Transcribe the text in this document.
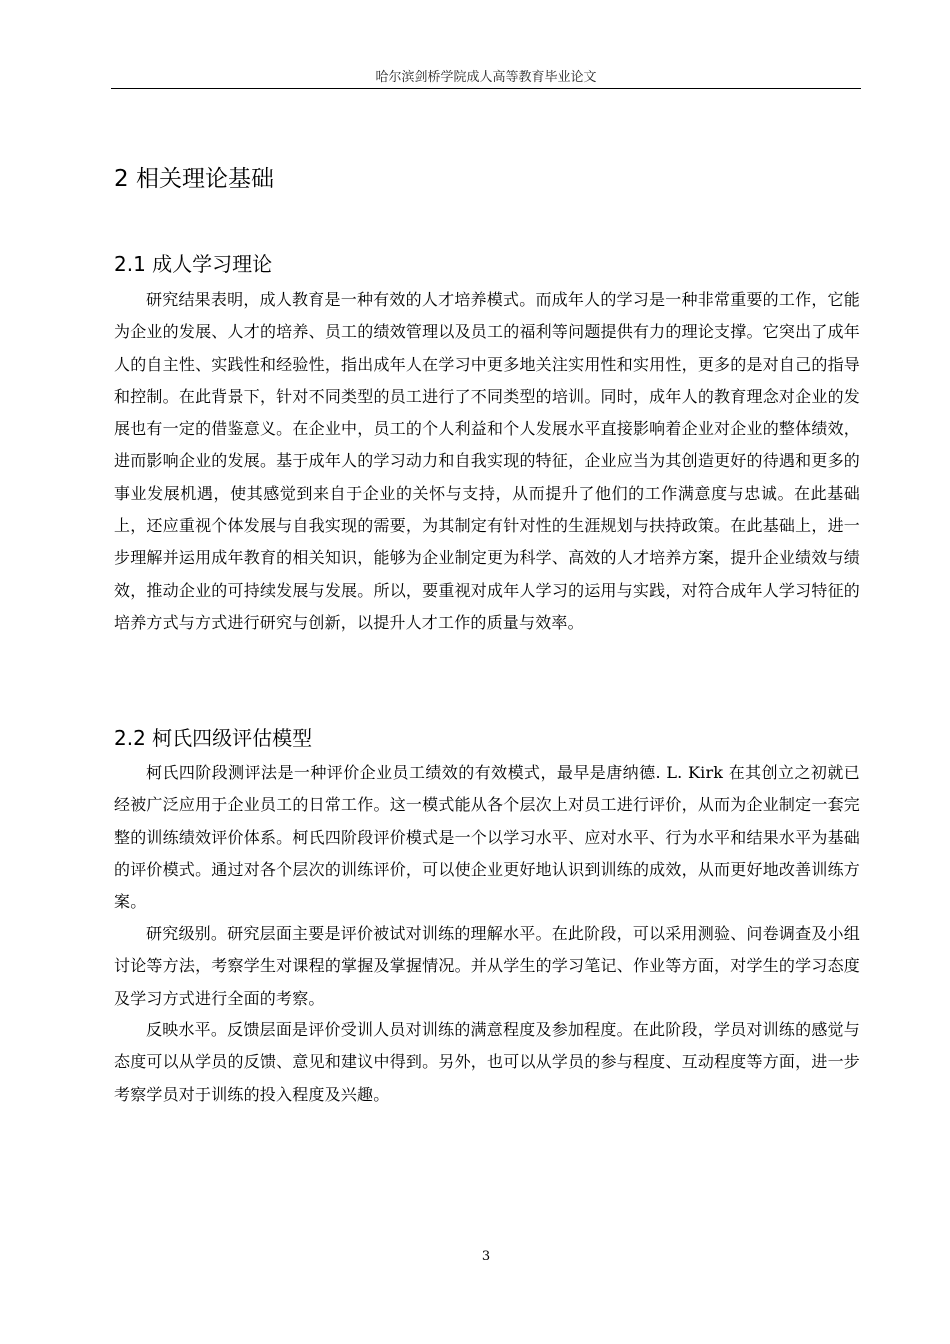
哈尔滨剑桥学院成人高等教育毕业论文
2 相关理论基础
2.1 成人学习理论

研究结果表明，成人教育是一种有效的人才培养模式。而成年人的学习是一种非常重要的工作，它能为企业的发展、人才的培养、员工的绩效管理以及员工的福利等问题提供有力的理论支撑。它突出了成年人的自主性、实践性和经验性，指出成年人在学习中更多地关注实用性和实用性，更多的是对自己的指导和控制。在此背景下，针对不同类型的员工进行了不同类型的培训。同时，成年人的教育理念对企业的发展也有一定的借鉴意义。在企业中，员工的个人利益和个人发展水平直接影响着企业对企业的整体绩效，进而影响企业的发展。基于成年人的学习动力和自我实现的特征，企业应当为其创造更好的待遇和更多的事业发展机遇，使其感觉到来自于企业的关怀与支持，从而提升了他们的工作满意度与忠诚。在此基础上，还应重视个体发展与自我实现的需要，为其制定有针对性的生涯规划与扶持政策。在此基础上，进一步理解并运用成年教育的相关知识，能够为企业制定更为科学、高效的人才培养方案，提升企业绩效与绩效，推动企业的可持续发展与发展。所以，要重视对成年人学习的运用与实践，对符合成年人学习特征的培养方式与方式进行研究与创新，以提升人才工作的质量与效率。

2.2 柯氏四级评估模型

柯氏四阶段测评法是一种评价企业员工绩效的有效模式，最早是唐纳德. L. Kirk 在其创立之初就已经被广泛应用于企业员工的日常工作。这一模式能从各个层次上对员工进行评价，从而为企业制定一套完整的训练绩效评价体系。柯氏四阶段评价模式是一个以学习水平、应对水平、行为水平和结果水平为基础的评价模式。通过对各个层次的训练评价，可以使企业更好地认识到训练的成效，从而更好地改善训练方案。

研究级别。研究层面主要是评价被试对训练的理解水平。在此阶段，可以采用测验、问卷调查及小组讨论等方法，考察学生对课程的掌握及掌握情况。并从学生的学习笔记、作业等方面，对学生的学习态度及学习方式进行全面的考察。

反映水平。反馈层面是评价受训人员对训练的满意程度及参加程度。在此阶段，学员对训练的感觉与态度可以从学员的反馈、意见和建议中得到。另外，也可以从学员的参与程度、互动程度等方面，进一步考察学员对于训练的投入程度及兴趣。

3
